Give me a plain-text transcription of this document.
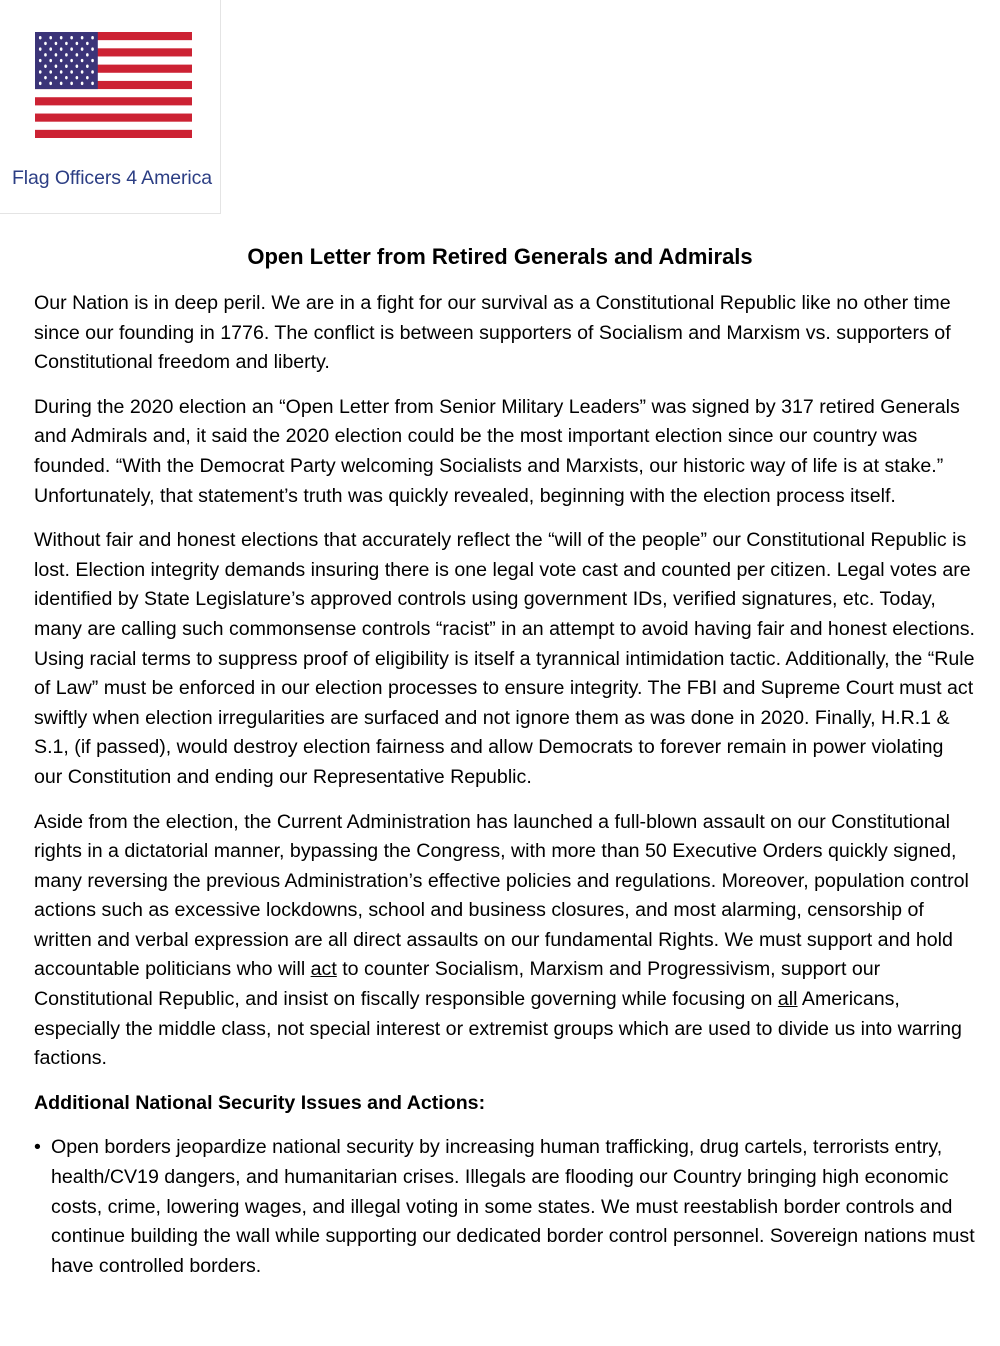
Flag Officers 4 America
Open Letter from Retired Generals and Admirals

Our Nation is in deep peril. We are in a fight for our survival as a Constitutional Republic like no other time since our founding in 1776. The conflict is between supporters of Socialism and Marxism vs. supporters of Constitutional freedom and liberty.

During the 2020 election an “Open Letter from Senior Military Leaders” was signed by 317 retired Generals and Admirals and, it said the 2020 election could be the most important election since our country was founded. “With the Democrat Party welcoming Socialists and Marxists, our historic way of life is at stake.” Unfortunately, that statement’s truth was quickly revealed, beginning with the election process itself.

Without fair and honest elections that accurately reflect the “will of the people” our Constitutional Republic is lost. Election integrity demands insuring there is one legal vote cast and counted per citizen. Legal votes are identified by State Legislature’s approved controls using government IDs, verified signatures, etc. Today, many are calling such commonsense controls “racist” in an attempt to avoid having fair and honest elections. Using racial terms to suppress proof of eligibility is itself a tyrannical intimidation tactic. Additionally, the “Rule of Law” must be enforced in our election processes to ensure integrity. The FBI and Supreme Court must act swiftly when election irregularities are surfaced and not ignore them as was done in 2020. Finally, H.R.1 & S.1, (if passed), would destroy election fairness and allow Democrats to forever remain in power violating our Constitution and ending our Representative Republic.

Aside from the election, the Current Administration has launched a full-blown assault on our Constitutional rights in a dictatorial manner, bypassing the Congress, with more than 50 Executive Orders quickly signed, many reversing the previous Administration’s effective policies and regulations. Moreover, population control actions such as excessive lockdowns, school and business closures, and most alarming, censorship of written and verbal expression are all direct assaults on our fundamental Rights. We must support and hold accountable politicians who will act to counter Socialism, Marxism and Progressivism, support our Constitutional Republic, and insist on fiscally responsible governing while focusing on all Americans, especially the middle class, not special interest or extremist groups which are used to divide us into warring factions.

Additional National Security Issues and Actions:
• Open borders jeopardize national security by increasing human trafficking, drug cartels, terrorists entry, health/CV19 dangers, and humanitarian crises. Illegals are flooding our Country bringing high economic costs, crime, lowering wages, and illegal voting in some states. We must reestablish border controls and continue building the wall while supporting our dedicated border control personnel. Sovereign nations must have controlled borders.
